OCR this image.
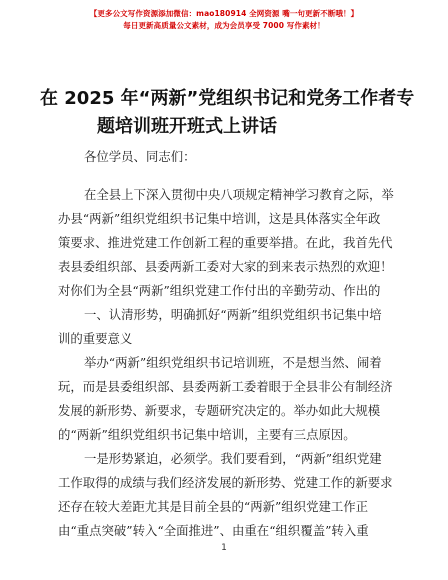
【更多公文写作资源添加微信：mao180914 全网资源 嘴一句更新不断哦！】
每日更新高质量公文素材，成为会员享受 7000 写作素材！
在 2025 年“两新”党组织书记和党务工作者专
题培训班开班式上讲话
各位学员、同志们：
在全县上下深入贯彻中央八项规定精神学习教育之际，举
办县“两新”组织党组织书记集中培训，这是具体落实全年政
策要求、推进党建工作创新工程的重要举措。在此，我首先代
表县委组织部、县委两新工委对大家的到来表示热烈的欢迎！
对你们为全县“两新”组织党建工作付出的辛勤劳动、作出的
一、认清形势，明确抓好“两新”组织党组织书记集中培
训的重要意义
举办“两新”组织党组织书记培训班，不是想当然、闹着
玩，而是县委组织部、县委两新工委着眼于全县非公有制经济
发展的新形势、新要求，专题研究决定的。举办如此大规模
的“两新”组织党组织书记集中培训，主要有三点原因。
一是形势紧迫，必须学。我们要看到，“两新”组织党建
工作取得的成绩与我们经济发展的新形势、党建工作的新要求
还存在较大差距尤其是目前全县的“两新”组织党建工作正
由“重点突破”转入“全面推进”、由重在“组织覆盖”转入重
1
